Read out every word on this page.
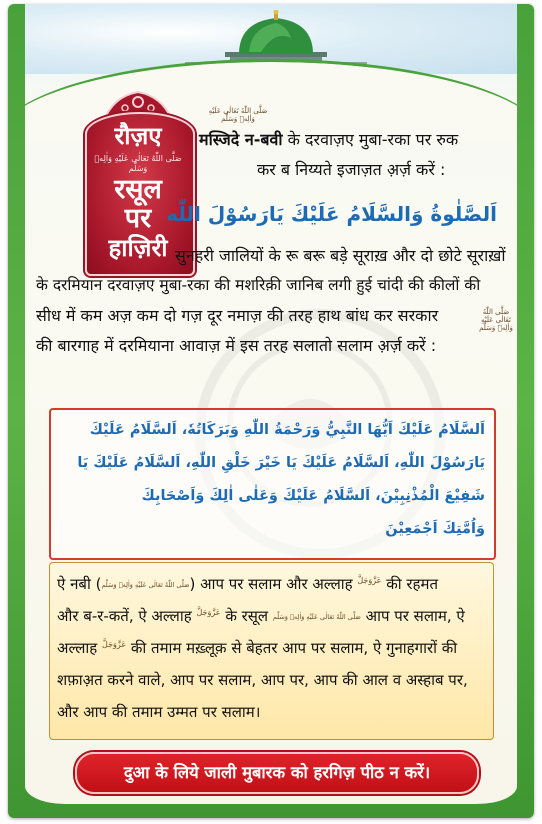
रौज़ए
صَلَّى اللّٰهُ تَعَالٰی عَلَيْهِ وَاٰلِهٖ وَسَلَّم
रसूल
पर
हाज़िरी
صَلَّى اللّٰهُ تَعَالٰی عَلَيْهِ وَاٰلِهٖ وَسَلَّم
मस्जिदे न-बवी के दरवाज़ए मुबा-रका पर रुक
कर ब निय्यते इजाज़त अ़र्ज़ करें :
اَلصَّلٰوةُ وَالسَّلَامُ عَلَيْكَ يَارَسُوْلَ اللّٰه
सुनहरी जालियों के रू बरू बड़े सूराख़ और दो छोटे सूराख़ों
के दरमियान दरवाज़ए मुबा-रका की मशरिक़ी जानिब लगी हुई चांदी की कीलों की
सीध में कम अज़ कम दो गज़ दूर नमाज़ की तरह हाथ बांध कर सरकार	صَلَّى اللّٰهُ تَعَالٰی عَلَيْهِ وَاٰلِهٖ وَسَلَّم
की बारगाह में दरमियाना आवाज़ में इस तरह सलातो सलाम अ़र्ज़ करें :
اَلسَّلَامُ عَلَيْكَ اَيُّهَا النَّبِيُّ وَرَحْمَةُ اللّٰهِ وَبَرَكَاتُهٗ، اَلسَّلَامُ عَلَيْكَ
يَارَسُوْلَ اللّٰهِ، اَلسَّلَامُ عَلَيْكَ يَا خَيْرَ خَلْقِ اللّٰهِ، اَلسَّلَامُ عَلَيْكَ يَا
شَفِيْعَ الْمُذْنِبِيْنَ، اَلسَّلَامُ عَلَيْكَ وَعَلٰى اٰلِكَ وَاَصْحَابِكَ
وَاُمَّتِكَ اَجْمَعِيْنَ
ऐ नबी (صَلَّى اللّٰهُ تَعَالٰی عَلَيْهِ وَاٰلِهٖ وَسَلَّم) आप पर सलाम और अल्लाह عَزَّوَجَلَّ की रहमत
और ब-र-कतें, ऐ अल्लाह عَزَّوَجَلَّ के रसूल صَلَّى اللّٰهُ تَعَالٰی عَلَيْهِ وَاٰلِهٖ وَسَلَّم आप पर सलाम, ऐ
अल्लाह عَزَّوَجَلَّ की तमाम मख़्लूक़ से बेहतर आप पर सलाम, ऐ गुनाहगारों की
शफ़ाअ़त करने वाले, आप पर सलाम, आप पर, आप की आल व अस्हाब पर,
और आप की तमाम उम्मत पर सलाम।
दुआ के लिये जाली मुबारक को हरगिज़ पीठ न करें।
